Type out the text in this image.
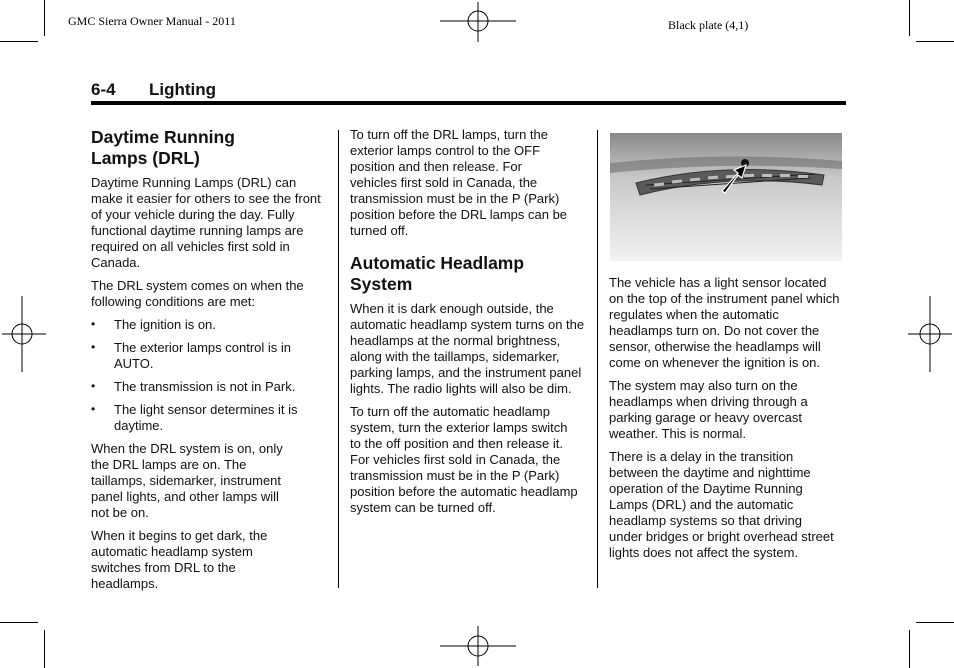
GMC Sierra Owner Manual - 2011	Black plate (4,1)
6-4 Lighting
Daytime Running Lamps (DRL)

Daytime Running Lamps (DRL) can make it easier for others to see the front of your vehicle during the day. Fully functional daytime running lamps are required on all vehicles first sold in Canada.

The DRL system comes on when the following conditions are met:

• The ignition is on.
• The exterior lamps control is in AUTO.
• The transmission is not in Park.
• The light sensor determines it is daytime.

When the DRL system is on, only the DRL lamps are on. The taillamps, sidemarker, instrument panel lights, and other lamps will not be on.

When it begins to get dark, the automatic headlamp system switches from DRL to the headlamps.

To turn off the DRL lamps, turn the exterior lamps control to the OFF position and then release. For vehicles first sold in Canada, the transmission must be in the P (Park) position before the DRL lamps can be turned off.

Automatic Headlamp System

When it is dark enough outside, the automatic headlamp system turns on the headlamps at the normal brightness, along with the taillamps, sidemarker, parking lamps, and the instrument panel lights. The radio lights will also be dim.

To turn off the automatic headlamp system, turn the exterior lamps switch to the off position and then release it. For vehicles first sold in Canada, the transmission must be in the P (Park) position before the automatic headlamp system can be turned off.

The vehicle has a light sensor located on the top of the instrument panel which regulates when the automatic headlamps turn on. Do not cover the sensor, otherwise the headlamps will come on whenever the ignition is on.

The system may also turn on the headlamps when driving through a parking garage or heavy overcast weather. This is normal.

There is a delay in the transition between the daytime and nighttime operation of the Daytime Running Lamps (DRL) and the automatic headlamp systems so that driving under bridges or bright overhead street lights does not affect the system.
